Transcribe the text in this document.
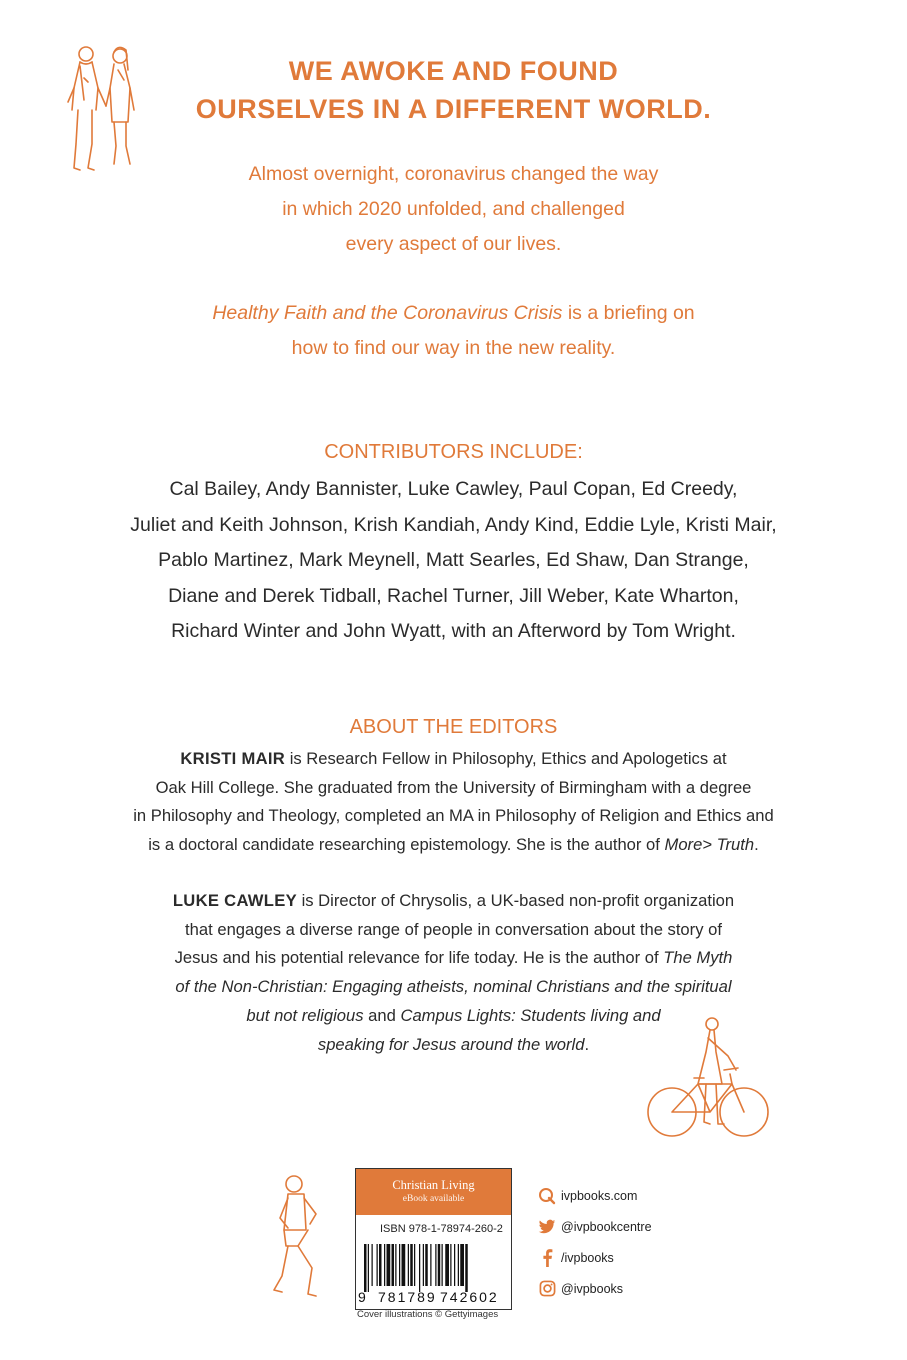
WE AWOKE AND FOUND
OURSELVES IN A DIFFERENT WORLD.
Almost overnight, coronavirus changed the way
in which 2020 unfolded, and challenged
every aspect of our lives.
Healthy Faith and the Coronavirus Crisis is a briefing on
how to find our way in the new reality.
CONTRIBUTORS INCLUDE:
Cal Bailey, Andy Bannister, Luke Cawley, Paul Copan, Ed Creedy,
Juliet and Keith Johnson, Krish Kandiah, Andy Kind, Eddie Lyle, Kristi Mair,
Pablo Martinez, Mark Meynell, Matt Searles, Ed Shaw, Dan Strange,
Diane and Derek Tidball, Rachel Turner, Jill Weber, Kate Wharton,
Richard Winter and John Wyatt, with an Afterword by Tom Wright.
ABOUT THE EDITORS
KRISTI MAIR is Research Fellow in Philosophy, Ethics and Apologetics at
Oak Hill College. She graduated from the University of Birmingham with a degree
in Philosophy and Theology, completed an MA in Philosophy of Religion and Ethics and
is a doctoral candidate researching epistemology. She is the author of More> Truth.
LUKE CAWLEY is Director of Chrysolis, a UK-based non-profit organization
that engages a diverse range of people in conversation about the story of
Jesus and his potential relevance for life today. He is the author of The Myth
of the Non-Christian: Engaging atheists, nominal Christians and the spiritual
but not religious and Campus Lights: Students living and
speaking for Jesus around the world.
Christian Living
eBook available
ISBN 978-1-78974-260-2
9 781789 742602
Cover illustrations © Gettyimages
ivpbooks.com
@ivpbookcentre
/ivpbooks
@ivpbooks
